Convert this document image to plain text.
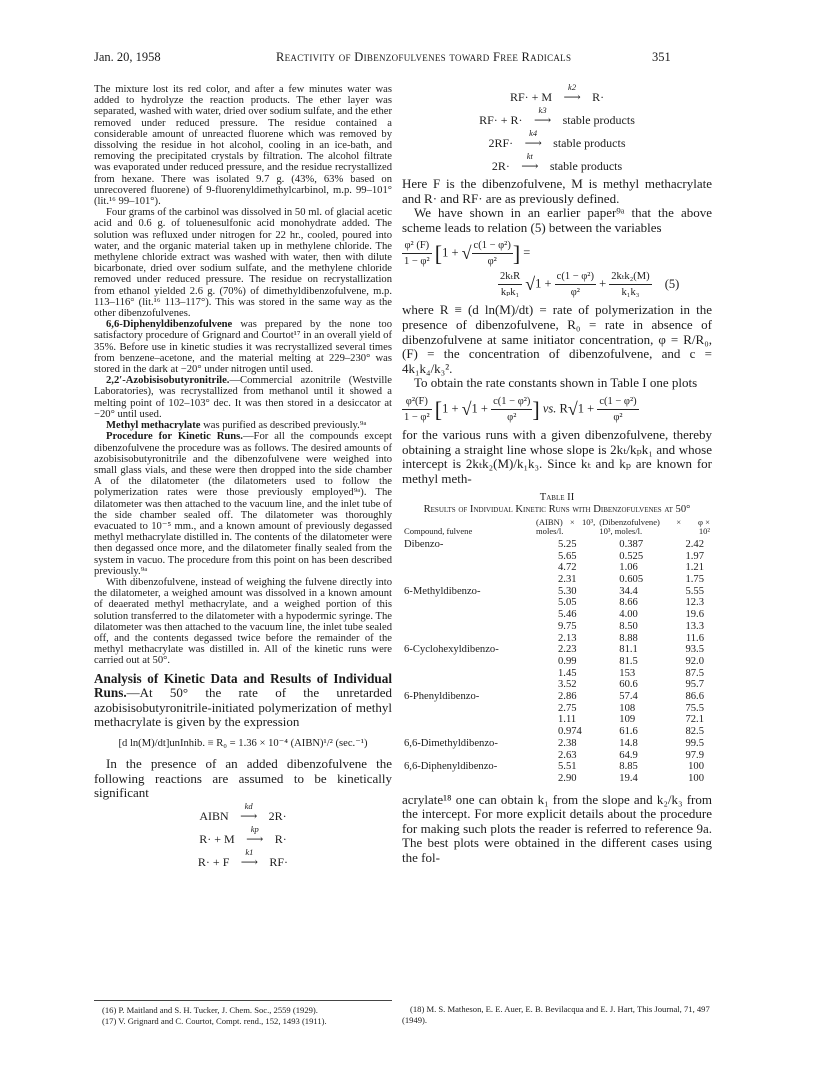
Jan. 20, 1958	Reactivity of Dibenzofulvenes toward Free Radicals	351

The mixture lost its red color, and after a few minutes water was added to hydrolyze the reaction products. The ether layer was separated, washed with water, dried over sodium sulfate, and the ether removed under reduced pressure. The residue contained a considerable amount of unreacted fluorene which was removed by dissolving the residue in hot alcohol, cooling in an ice-bath, and removing the precipitated crystals by filtration. The alcohol filtrate was evaporated under reduced pressure, and the residue recrystallized from hexane. There was isolated 9.7 g. (43%, 63% based on unrecovered fluorene) of 9-fluorenyldimethylcarbinol, m.p. 99–101° (lit.¹⁶ 99–101°).

Four grams of the carbinol was dissolved in 50 ml. of glacial acetic acid and 0.6 g. of toluenesulfonic acid monohydrate added. The solution was refluxed under nitrogen for 22 hr., cooled, poured into water, and the organic material taken up in methylene chloride. The methylene chloride extract was washed with water, then with dilute bicarbonate, dried over sodium sulfate, and the methylene chloride removed under reduced pressure. The residue on recrystallization from ethanol yielded 2.6 g. (70%) of dimethyldibenzofulvene, m.p. 113–116° (lit.¹⁶ 113–117°). This was stored in the same way as the other dibenzofulvenes.

6,6-Diphenyldibenzofulvene was prepared by the none too satisfactory procedure of Grignard and Courtot¹⁷ in an overall yield of 35%. Before use in kinetic studies it was recrystallized several times from benzene–acetone, and the material melting at 229–230° was stored in the dark at −20° under nitrogen until used.

2,2′-Azobisisobutyronitrile.—Commercial azonitrile (Westville Laboratories), was recrystallized from methanol until it showed a melting point of 102–103° dec. It was then stored in a desiccator at −20° until used.

Methyl methacrylate was purified as described previously.⁹ᵃ

Procedure for Kinetic Runs.—For all the compounds except dibenzofulvene the procedure was as follows. The desired amounts of azobisisobutyronitrile and the dibenzofulvene were weighed into small glass vials, and these were then dropped into the side chamber A of the dilatometer (the dilatometers used to follow the polymerization rates were those previously employed⁹ᵃ). The dilatometer was then attached to the vacuum line, and the inlet tube of the side chamber sealed off. The dilatometer was thoroughly evacuated to 10⁻⁵ mm., and a known amount of previously degassed methyl methacrylate distilled in. The contents of the dilatometer were then degassed once more, and the dilatometer finally sealed from the system in vacuo. The procedure from this point on has been described previously.⁹ᵃ

With dibenzofulvene, instead of weighing the fulvene directly into the dilatometer, a weighed amount was dissolved in a known amount of deaerated methyl methacrylate, and a weighed portion of this solution transferred to the dilatometer with a hypodermic syringe. The dilatometer was then attached to the vacuum line, the inlet tube sealed off, and the contents degassed twice before the remainder of the methyl methacrylate was distilled in. All of the kinetic runs were carried out at 50°.

Analysis of Kinetic Data and Results of Individual Runs.—At 50° the rate of the unretarded azobisisobutyronitrile-initiated polymerization of methyl methacrylate is given by the expression

[d ln(M)/dt]unInhib. ≡ R₀ = 1.36 × 10⁻⁴ (AIBN)¹/² (sec.⁻¹)

In the presence of an added dibenzofulvene the following reactions are assumed to be kinetically significant

AIBN
kd
⟶ 2R·
R· + M
kp
⟶ R·
R· + F
k1
⟶ RF·
RF· + M
k2
⟶ R·
RF· + R·
k3
⟶ stable products
2RF·
k4
⟶ stable products
2R·
kt
⟶ stable products

Here F is the dibenzofulvene, M is methyl methacrylate and R· and RF· are as previously defined.

We have shown in an earlier paper⁹ᵃ that the above scheme leads to relation (5) between the variables

$\frac{\text{φ² (F)}}{\text{1 − φ²}} [1$ + √ $\frac{\text{c(1 − φ²)}}{\text{φ²}}$ ] =
$\frac{\text{2kₜR}}{\text{kₚk₁}} √1 + \frac{\text{c(1 − φ²)}}{\text{φ²}} + \frac{\text{2kₜk₂(M)}}{\text{k₁k₃}} (5)$

where R ≡ (d ln(M)/dt) = rate of polymerization in the presence of dibenzofulvene, R₀ = rate in absence of dibenzofulvene at same initiator concentration, φ = R/R₀, (F) = the concentration of dibenzofulvene, and c = 4k₁k₄/k₃².

To obtain the rate constants shown in Table I one plots

$\frac{\text{φ²(F)}}{\text{1 − φ²}} [1 + √1 + \frac{\text{c(1 − φ²)}}{\text{φ²}}$ ] vs. $R√1 + \frac{\text{c(1 − φ²)}}{\text{φ²}}$

for the various runs with a given dibenzofulvene, thereby obtaining a straight line whose slope is 2kₜ/kₚk₁ and whose intercept is 2kₜk₂(M)/k₁k₃. Since kₜ and kₚ are known for methyl meth-

Table II
Results of Individual Kinetic Runs with Dibenzofulvenes at 50°
Compound, fulvene	(AIBN) × 10³, moles/l.	(Dibenzofulvene) × 10³, moles/l.	φ × 10²
Dibenzo-	5.25	0.387	2.42
	5.65	0.525	1.97
	4.72	1.06	1.21
	2.31	0.605	1.75
6-Methyldibenzo-	5.30	34.4	5.55
	5.05	8.66	12.3
	5.46	4.00	19.6
	9.75	8.50	13.3
	2.13	8.88	11.6
6-Cyclohexyldibenzo-	2.23	81.1	93.5
	0.99	81.5	92.0
	1.45	153	87.5
	3.52	60.6	95.7
6-Phenyldibenzo-	2.86	57.4	86.6
	2.75	108	75.5
	1.11	109	72.1
	0.974	61.6	82.5
6,6-Dimethyldibenzo-	2.38	14.8	99.5
	2.63	64.9	97.9
6,6-Diphenyldibenzo-	5.51	8.85	100
	2.90	19.4	100

acrylate¹⁸ one can obtain k₁ from the slope and k₂/k₃ from the intercept. For more explicit details about the procedure for making such plots the reader is referred to reference 9a. The best plots were obtained in the different cases using the fol-

(16) P. Maitland and S. H. Tucker, J. Chem. Soc., 2559 (1929).

(17) V. Grignard and C. Courtot, Compt. rend., 152, 1493 (1911).

(18) M. S. Matheson, E. E. Auer, E. B. Bevilacqua and E. J. Hart, This Journal, 71, 497 (1949).
